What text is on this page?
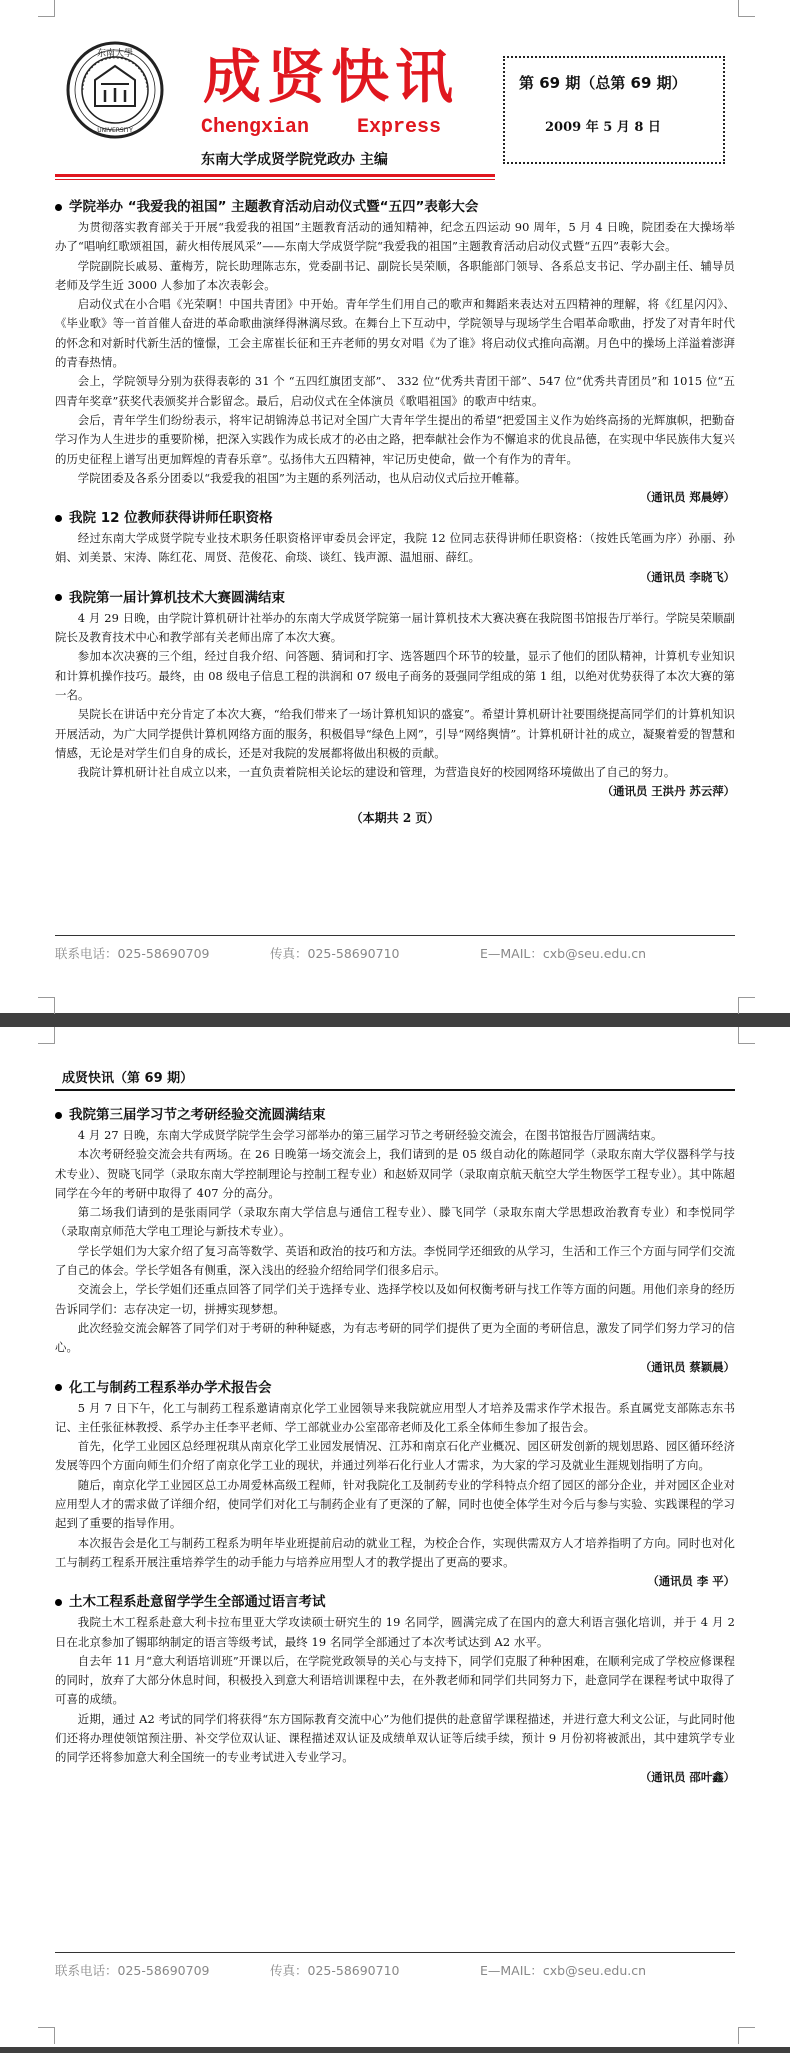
东南大學
UNIVERSITY
成贤快讯
Chengxian    Express
东南大学成贤学院党政办 主编
第 69 期（总第 69 期）
2009 年 5 月 8 日
学院举办 “我爱我的祖国” 主题教育活动启动仪式暨“五四”表彰大会

为贯彻落实教育部关于开展“我爱我的祖国”主题教育活动的通知精神，纪念五四运动 90 周年，5 月 4 日晚，院团委在大操场举办了“唱响红歌颂祖国，薪火相传展风采”——东南大学成贤学院“我爱我的祖国”主题教育活动启动仪式暨“五四”表彰大会。

学院副院长戚易、董梅芳，院长助理陈志东，党委副书记、副院长吴荣顺，各职能部门领导、各系总支书记、学办副主任、辅导员老师及学生近 3000 人参加了本次表彰会。

启动仪式在小合唱《光荣啊！中国共青团》中开始。青年学生们用自己的歌声和舞蹈来表达对五四精神的理解，将《红星闪闪》、《毕业歌》等一首首催人奋进的革命歌曲演绎得淋漓尽致。在舞台上下互动中，学院领导与现场学生合唱革命歌曲，抒发了对青年时代的怀念和对新时代新生活的憧憬，工会主席崔长征和王卉老师的男女对唱《为了谁》将启动仪式推向高潮。月色中的操场上洋溢着澎湃的青春热情。

会上，学院领导分别为获得表彰的 31 个 “五四红旗团支部”、 332 位“优秀共青团干部”、547 位“优秀共青团员”和 1015 位“五四青年奖章”获奖代表颁奖并合影留念。最后，启动仪式在全体演员《歌唱祖国》的歌声中结束。

会后，青年学生们纷纷表示，将牢记胡锦涛总书记对全国广大青年学生提出的希望“把爱国主义作为始终高扬的光辉旗帜，把勤奋学习作为人生进步的重要阶梯，把深入实践作为成长成才的必由之路，把奉献社会作为不懈追求的优良品德，在实现中华民族伟大复兴的历史征程上谱写出更加辉煌的青春乐章”。弘扬伟大五四精神，牢记历史使命，做一个有作为的青年。

学院团委及各系分团委以“我爱我的祖国”为主题的系列活动，也从启动仪式后拉开帷幕。

（通讯员 郑晨婷）

我院 12 位教师获得讲师任职资格

经过东南大学成贤学院专业技术职务任职资格评审委员会评定，我院 12 位同志获得讲师任职资格：（按姓氏笔画为序）孙丽、孙娟、刘美景、宋涛、陈红花、周贤、范俊花、俞琰、谈红、钱声源、温旭丽、薛红。

（通讯员 李晓飞）

我院第一届计算机技术大赛圆满结束

4 月 29 日晚，由学院计算机研计社举办的东南大学成贤学院第一届计算机技术大赛决赛在我院图书馆报告厅举行。学院吴荣顺副院长及教育技术中心和教学部有关老师出席了本次大赛。

参加本次决赛的三个组，经过自我介绍、问答题、猜词和打字、选答题四个环节的较量，显示了他们的团队精神，计算机专业知识和计算机操作技巧。最终，由 08 级电子信息工程的洪润和 07 级电子商务的聂强同学组成的第 1 组，以绝对优势获得了本次大赛的第一名。

吴院长在讲话中充分肯定了本次大赛，“给我们带来了一场计算机知识的盛宴”。希望计算机研计社要围绕提高同学们的计算机知识开展活动，为广大同学提供计算机网络方面的服务，积极倡导“绿色上网”，引导“网络舆情”。计算机研计社的成立，凝聚着爱的智慧和情感，无论是对学生们自身的成长，还是对我院的发展都将做出积极的贡献。

我院计算机研计社自成立以来，一直负责着院相关论坛的建设和管理，为营造良好的校园网络环境做出了自己的努力。

（通讯员 王洪丹 苏云萍）

（本期共 2 页）

联系电话：025-58690709	传真：025-58690710	E—MAIL：cxb@seu.edu.cn
成贤快讯（第 69 期）
我院第三届学习节之考研经验交流圆满结束

4 月 27 日晚，东南大学成贤学院学生会学习部举办的第三届学习节之考研经验交流会，在图书馆报告厅圆满结束。

本次考研经验交流会共有两场。在 26 日晚第一场交流会上，我们请到的是 05 级自动化的陈超同学（录取东南大学仪器科学与技术专业）、贺晓飞同学（录取东南大学控制理论与控制工程专业）和赵娇双同学（录取南京航天航空大学生物医学工程专业）。其中陈超同学在今年的考研中取得了 407 分的高分。

第二场我们请到的是张雨同学（录取东南大学信息与通信工程专业）、滕飞同学（录取东南大学思想政治教育专业）和李悦同学（录取南京师范大学电工理论与新技术专业）。

学长学姐们为大家介绍了复习高等数学、英语和政治的技巧和方法。李悦同学还细致的从学习，生活和工作三个方面与同学们交流了自己的体会。学长学姐各有侧重，深入浅出的经验介绍给同学们很多启示。

交流会上，学长学姐们还重点回答了同学们关于选择专业、选择学校以及如何权衡考研与找工作等方面的问题。用他们亲身的经历告诉同学们：志存决定一切，拼搏实现梦想。

此次经验交流会解答了同学们对于考研的种种疑惑，为有志考研的同学们提供了更为全面的考研信息，激发了同学们努力学习的信心。

（通讯员 蔡颖晨）

化工与制药工程系举办学术报告会

5 月 7 日下午，化工与制药工程系邀请南京化学工业园领导来我院就应用型人才培养及需求作学术报告。系直属党支部陈志东书记、主任张征林教授、系学办主任李平老师、学工部就业办公室邵帝老师及化工系全体师生参加了报告会。

首先，化学工业园区总经理祝琪从南京化学工业园发展情况、江苏和南京石化产业概况、园区研发创新的规划思路、园区循环经济发展等四个方面向师生们介绍了南京化学工业的现状，并通过列举石化行业人才需求，为大家的学习及就业生涯规划指明了方向。

随后，南京化学工业园区总工办周爱林高级工程师，针对我院化工及制药专业的学科特点介绍了园区的部分企业，并对园区企业对应用型人才的需求做了详细介绍，使同学们对化工与制药企业有了更深的了解，同时也使全体学生对今后与参与实验、实践课程的学习起到了重要的指导作用。

本次报告会是化工与制药工程系为明年毕业班提前启动的就业工程，为校企合作，实现供需双方人才培养指明了方向。同时也对化工与制药工程系开展注重培养学生的动手能力与培养应用型人才的教学提出了更高的要求。

（通讯员 李 平）

土木工程系赴意留学学生全部通过语言考试

我院土木工程系赴意大利卡拉布里亚大学攻读硕士研究生的 19 名同学，圆满完成了在国内的意大利语言强化培训，并于 4 月 2 日在北京参加了锡耶纳制定的语言等级考试，最终 19 名同学全部通过了本次考试达到 A2 水平。

自去年 11 月“意大利语培训班”开课以后，在学院党政领导的关心与支持下，同学们克服了种种困难，在顺利完成了学校应修课程的同时，放弃了大部分休息时间，积极投入到意大利语培训课程中去，在外教老师和同学们共同努力下，赴意同学在课程考试中取得了可喜的成绩。

近期，通过 A2 考试的同学们将获得“东方国际教育交流中心”为他们提供的赴意留学课程描述，并进行意大利文公证，与此同时他们还将办理使领馆预注册、补交学位双认证、课程描述双认证及成绩单双认证等后续手续，预计 9 月份初将被派出，其中建筑学专业的同学还将参加意大利全国统一的专业考试进入专业学习。

（通讯员 邵叶鑫）

联系电话：025-58690709	传真：025-58690710	E—MAIL：cxb@seu.edu.cn
